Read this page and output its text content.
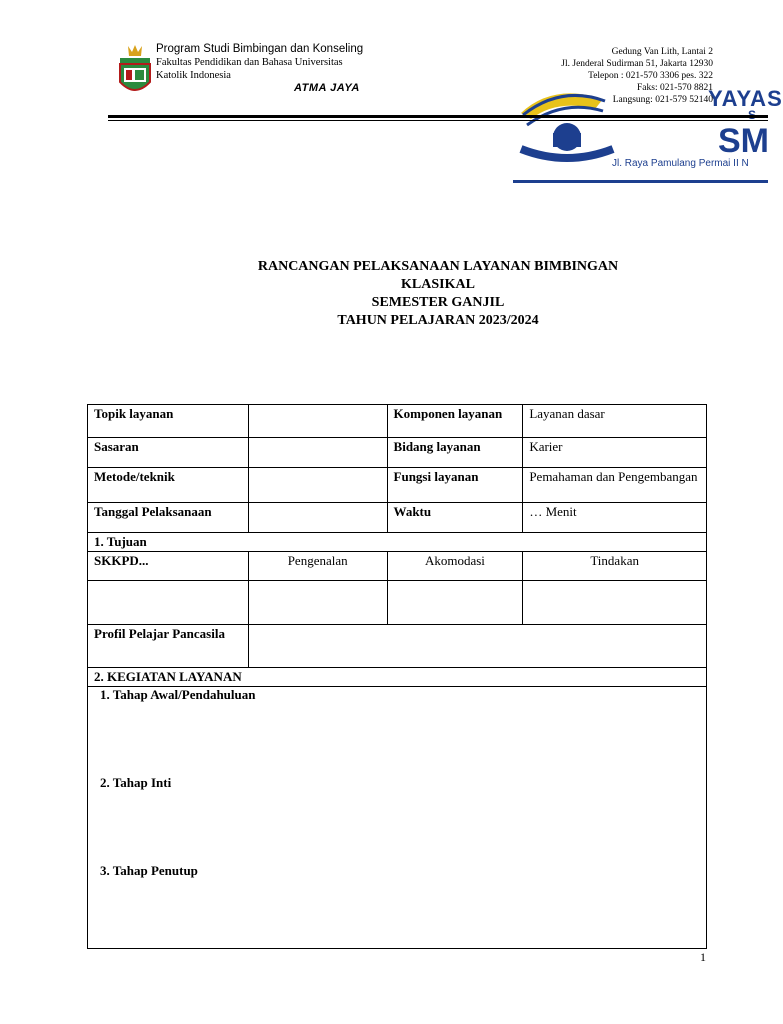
Program Studi Bimbingan dan Konseling
Fakultas Pendidikan dan Bahasa Universitas
Katolik Indonesia
ATMA JAYA	YAYAS
S
SM
Jl. Raya Pamulang Permai II N
Gedung Van Lith, Lantai 2
Jl. Jenderal Sudirman 51, Jakarta 12930
Telepon : 021-570 3306 pes. 322
Faks: 021-570 8821
Langsung: 021-579 52140
RANCANGAN PELAKSANAAN LAYANAN BIMBINGAN
KLASIKAL
SEMESTER GANJIL
TAHUN PELAJARAN 2023/2024
Topik layanan		Komponen layanan	Layanan dasar
Sasaran		Bidang layanan	Karier
Metode/teknik		Fungsi layanan	Pemahaman dan Pengembangan
Tanggal Pelaksanaan		Waktu	… Menit
1. Tujuan			
SKKPD...	Pengenalan	Akomodasi	Tindakan

Profil Pelajar Pancasila			
2. KEGIATAN LAYANAN			

1. Tahap Awal/Pendahuluan
2. Tahap Inti
3. Tahap Penutup			
1
